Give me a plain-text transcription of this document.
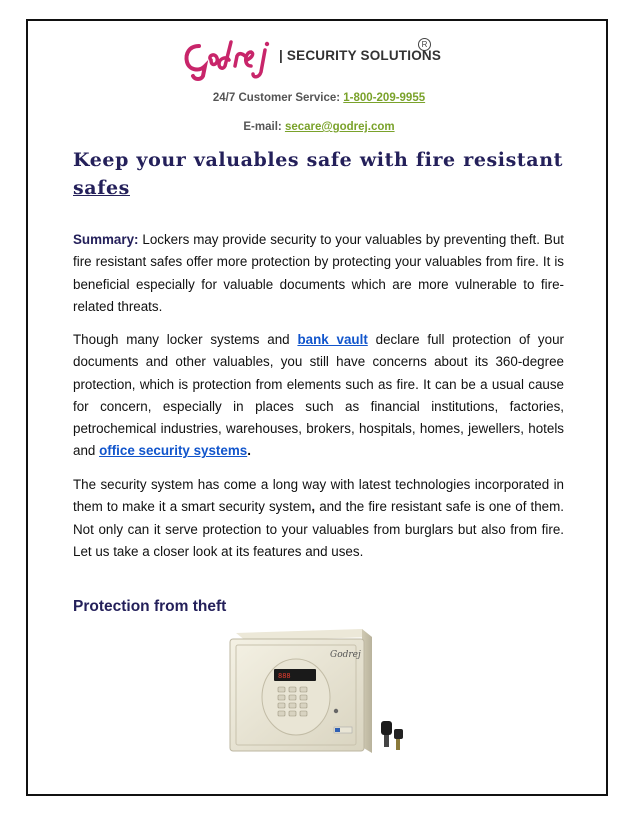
| SECURITY SOLUTIONS
R
24/7 Customer Service: 1-800-209-9955
E-mail: secare@godrej.com
Keep your valuables safe with fire resistant
safes
Summary: Lockers may provide security to your valuables by preventing theft. But fire resistant safes offer more protection by protecting your valuables from fire. It is beneficial especially for valuable documents which are more vulnerable to fire-related threats.
Though many locker systems and bank vault declare full protection of your documents and other valuables, you still have concerns about its 360-degree protection, which is protection from elements such as fire. It can be a usual cause for concern, especially in places such as financial institutions, factories, petrochemical industries, warehouses, brokers, hospitals, homes, jewellers, hotels and office security systems.
The security system has come a long way with latest technologies incorporated in them to make it a smart security system, and the fire resistant safe is one of them. Not only can it serve protection to your valuables from burglars but also from fire. Let us take a closer look at its features and uses.
Protection from theft
888
Godrej
